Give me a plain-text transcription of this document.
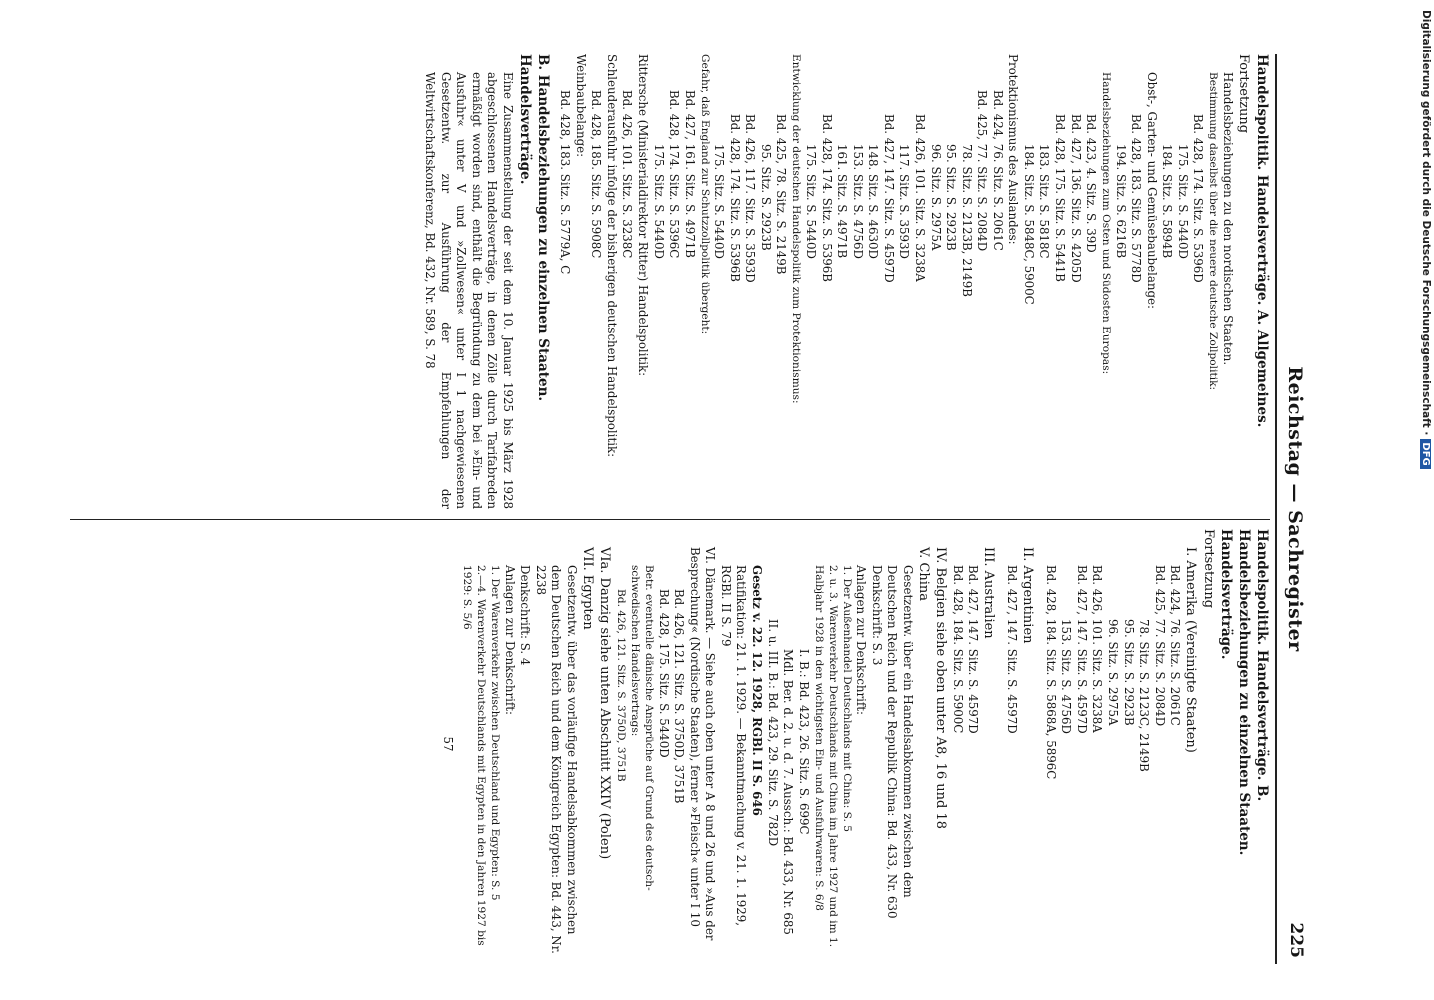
Reichstag — Sachregister
225
Handelspolitik. Handelsverträge. A. Allgemeines.
Fortsetzung
Handelsbeziehungen zu den nordischen Staaten.
Bestimmung daselbst über die neuere deutsche Zollpolitik:
Bd. 428, 174. Sitz. S. 5396D
175. Sitz. S. 5440D
184. Sitz. S. 5894B
Obst-, Garten- und Gemüsebaubelange:
Bd. 428, 183. Sitz. S. 5778D
194. Sitz. S. 6216B
Handelsbeziehungen zum Osten und Südosten Europas:
Bd. 423, 4. Sitz. S. 39D
Bd. 427, 136. Sitz. S. 4205D
Bd. 428, 175. Sitz. S. 5441B
183. Sitz. S. 5818C
184. Sitz. S. 5848C, 5900C
Protektionismus des Auslandes:
Bd. 424, 76. Sitz. S. 2061C
Bd. 425, 77. Sitz. S. 2084D
78. Sitz. S. 2123B, 2149B
95. Sitz. S. 2923B
96. Sitz. S. 2975A
Bd. 426, 101. Sitz. S. 3238A
117. Sitz. S. 3593D
Bd. 427, 147. Sitz. S. 4597D
148. Sitz. S. 4630D
153. Sitz. S. 4756D
161. Sitz. S. 4971B
Bd. 428, 174. Sitz. S. 5396B
175. Sitz. S. 5440D
Entwicklung der deutschen Handelspolitik zum Protektionismus:
Bd. 425, 78. Sitz. S. 2149B
95. Sitz. S. 2923B
Bd. 426, 117. Sitz. S. 3593D
Bd. 428, 174. Sitz. S. 5396B
175. Sitz. S. 5440D
Gefahr, daß England zur Schutzzollpolitik übergeht:
Bd. 427, 161. Sitz. S. 4971B
Bd. 428, 174. Sitz. S. 5396C
175. Sitz. S. 5440D
Rittersche (Ministerialdirektor Ritter) Handelspolitik:
Bd. 426, 101. Sitz. S. 3238C
Schleuderausfuhr infolge der bisherigen deutschen Handelspolitik:
Bd. 428, 185. Sitz. S. 5908C
Weinbaubelange:
Bd. 428, 183. Sitz. S. 5779A, C
B. Handelsbeziehungen zu einzelnen Staaten. Handelsverträge.
Eine Zusammenstellung der seit dem 10. Januar 1925 bis März 1928 abgeschlossenen Handelsverträge, in denen Zölle durch Tarifabreden ermäßigt worden sind, enthält die Begründung zu dem bei »Ein- und Ausfuhr« unter V und »Zollwesen« unter I 1 nachgewiesenen Gesetzentw. zur Ausführung der Empfehlungen der Weltwirtschaftskonferenz, Bd. 432, Nr. 589, S. 78
Handelspolitik. Handelsverträge. B. Handelsbeziehungen zu einzelnen Staaten. Handelsverträge.
Fortsetzung
I. Amerika (Vereinigte Staaten)
Bd. 424, 76. Sitz. S. 2061C
Bd. 425, 77. Sitz. S. 2084D
78. Sitz. S. 2123C, 2149B
95. Sitz. S. 2923B
96. Sitz. S. 2975A
Bd. 426, 101. Sitz. S. 3238A
Bd. 427, 147. Sitz. S. 4597D
153. Sitz. S. 4756D
Bd. 428, 184. Sitz. S. 5868A, 5896C
II. Argentinien
Bd. 427, 147. Sitz. S. 4597D
III. Australien
Bd. 427, 147. Sitz. S. 4597D
Bd. 428, 184. Sitz. S. 5900C
IV. Belgien siehe oben unter A8, 16 und 18
V. China
Gesetzentw. über ein Handelsabkommen zwischen dem Deutschen Reich und der Republik China: Bd. 433, Nr. 630
Denkschrift: S. 3
Anlagen zur Denkschrift:
1. Der Außenhandel Deutschlands mit China: S. 5
2. u. 3. Warenverkehr Deutschlands mit China im Jahre 1927 und im 1. Halbjahr 1928 in den wichtigsten Ein- und Ausfuhrwaren: S. 6/8
I. B.: Bd. 423, 26. Sitz. S. 699C
Mdl. Ber. d. 2. u. d. 7. Aussch.: Bd. 433, Nr. 685
II. u. III. B.: Bd. 423, 29. Sitz. S. 782D
Gesetz v. 22. 12. 1928, RGBl. II S. 646
Ratifikation: 21. 1. 1929. — Bekanntmachung v. 21. 1. 1929, RGBl. II S. 79
VI. Dänemark. — Siehe auch oben unter A 8 und 26 und »Aus der Besprechung« (Nordische Staaten), ferner »Fleisch« unter I 10
Bd. 426, 121. Sitz. S. 3750D, 3751B
Bd. 428, 175. Sitz. S. 5440D
Betr. eventuelle dänische Ansprüche auf Grund des deutsch-schwedischen Handelsvertrags:
Bd. 426, 121. Sitz. S. 3750D, 3751B
VIa. Danzig siehe unten Abschnitt XXIV (Polen)
VII. Egypten
Gesetzentw. über das vorläufige Handelsabkommen zwischen dem Deutschen Reich und dem Königreich Egypten: Bd. 443, Nr. 2238
Denkschrift: S. 4
Anlagen zur Denkschrift:
1. Der Warenverkehr zwischen Deutschland und Egypten: S. 5
2.—4. Warenverkehr Deutschlands mit Egypten in den Jahren 1927 bis 1929: S. 5/6
57
Digitalisierung gefördert durch die Deutsche Forschungsgemeinschaft ·DFG
